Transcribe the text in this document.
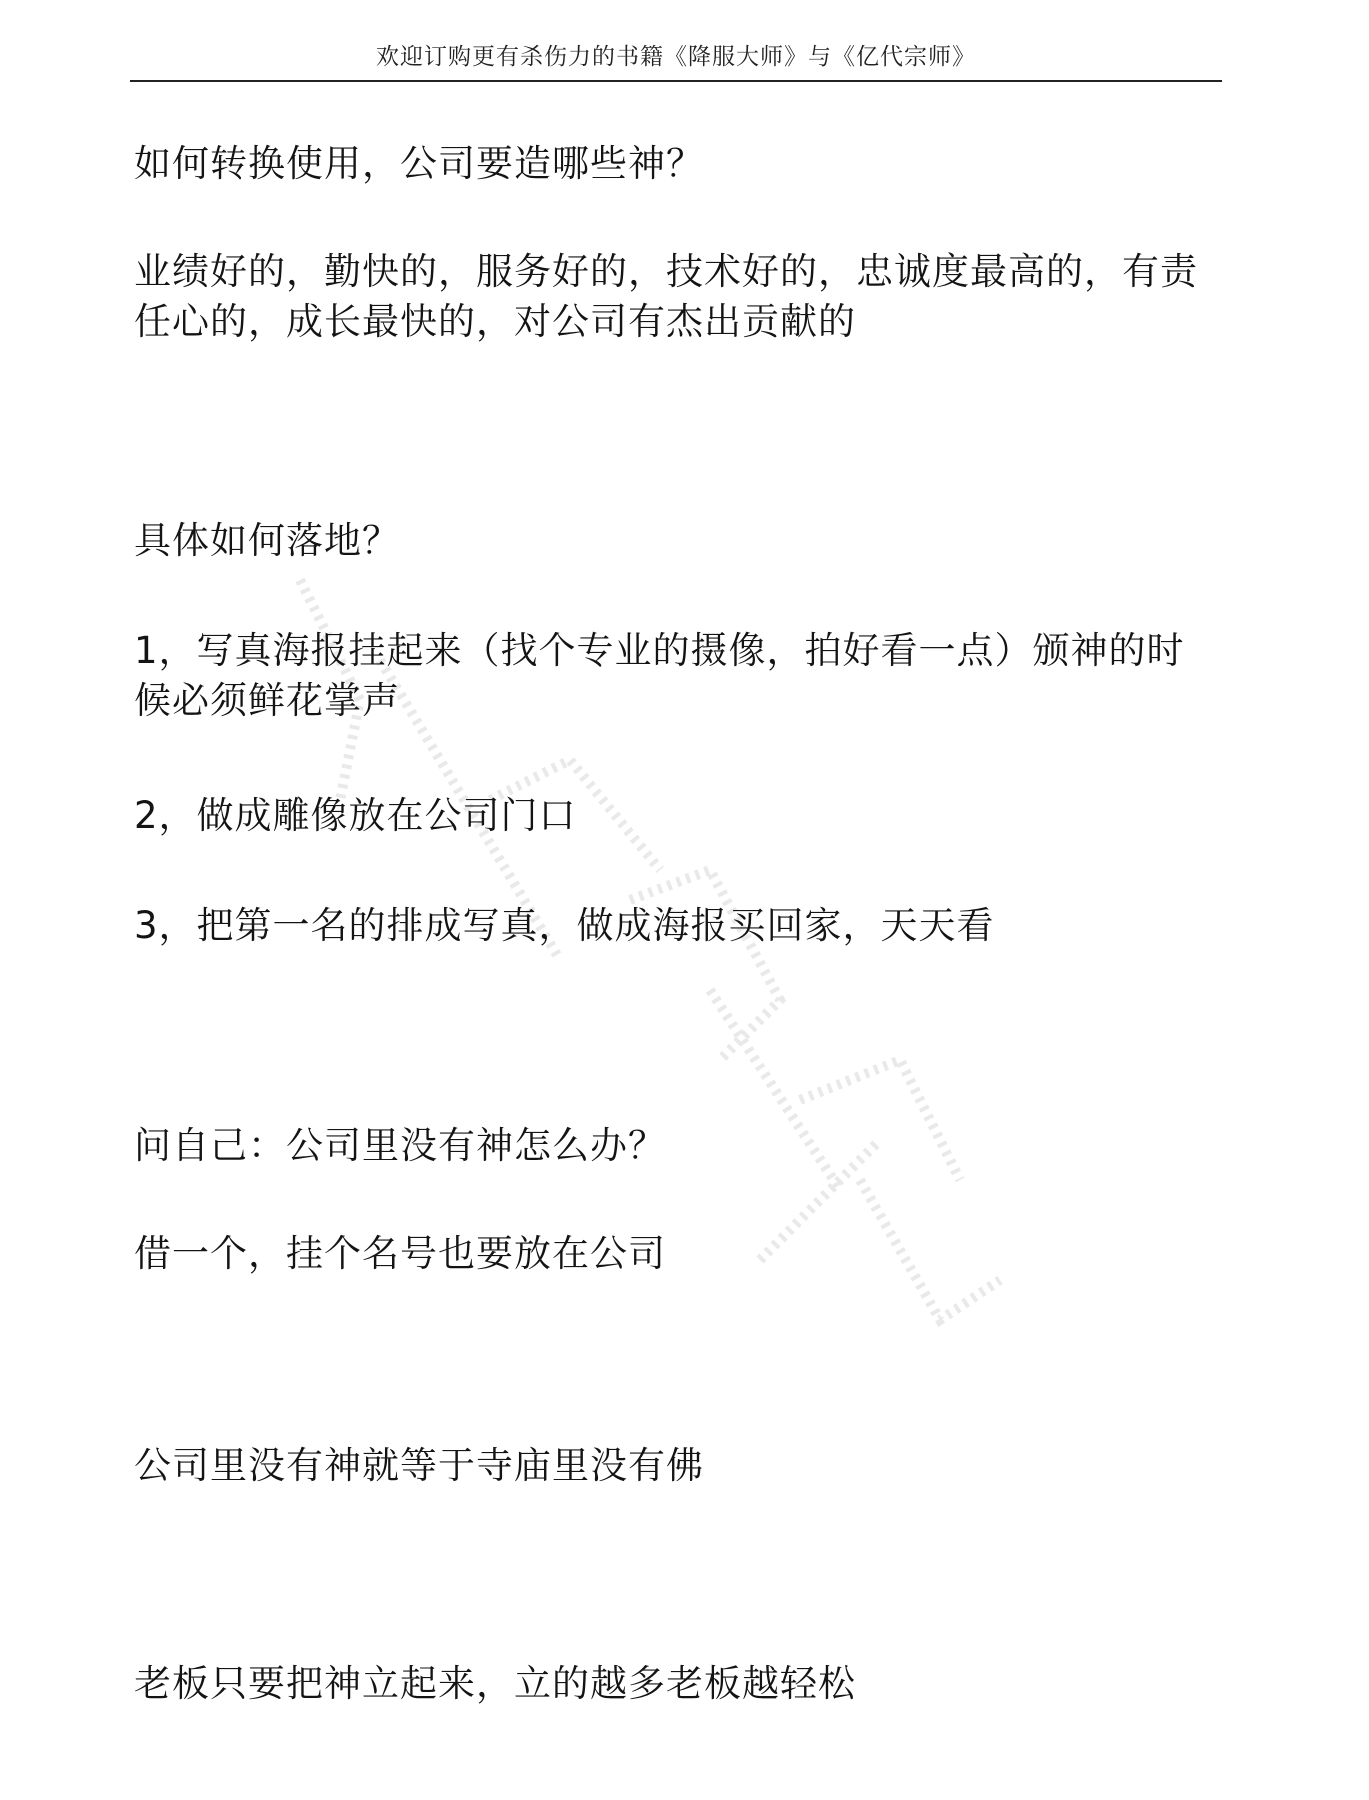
欢迎订购更有杀伤力的书籍《降服大师》与《亿代宗师》
如何转换使用，公司要造哪些神？
业绩好的，勤快的，服务好的，技术好的，忠诚度最高的，有责
任心的，成长最快的，对公司有杰出贡献的
具体如何落地？
1，写真海报挂起来（找个专业的摄像，拍好看一点）颁神的时
候必须鲜花掌声
2，做成雕像放在公司门口
3，把第一名的排成写真，做成海报买回家，天天看
问自己：公司里没有神怎么办？
借一个，挂个名号也要放在公司
公司里没有神就等于寺庙里没有佛
老板只要把神立起来，立的越多老板越轻松
